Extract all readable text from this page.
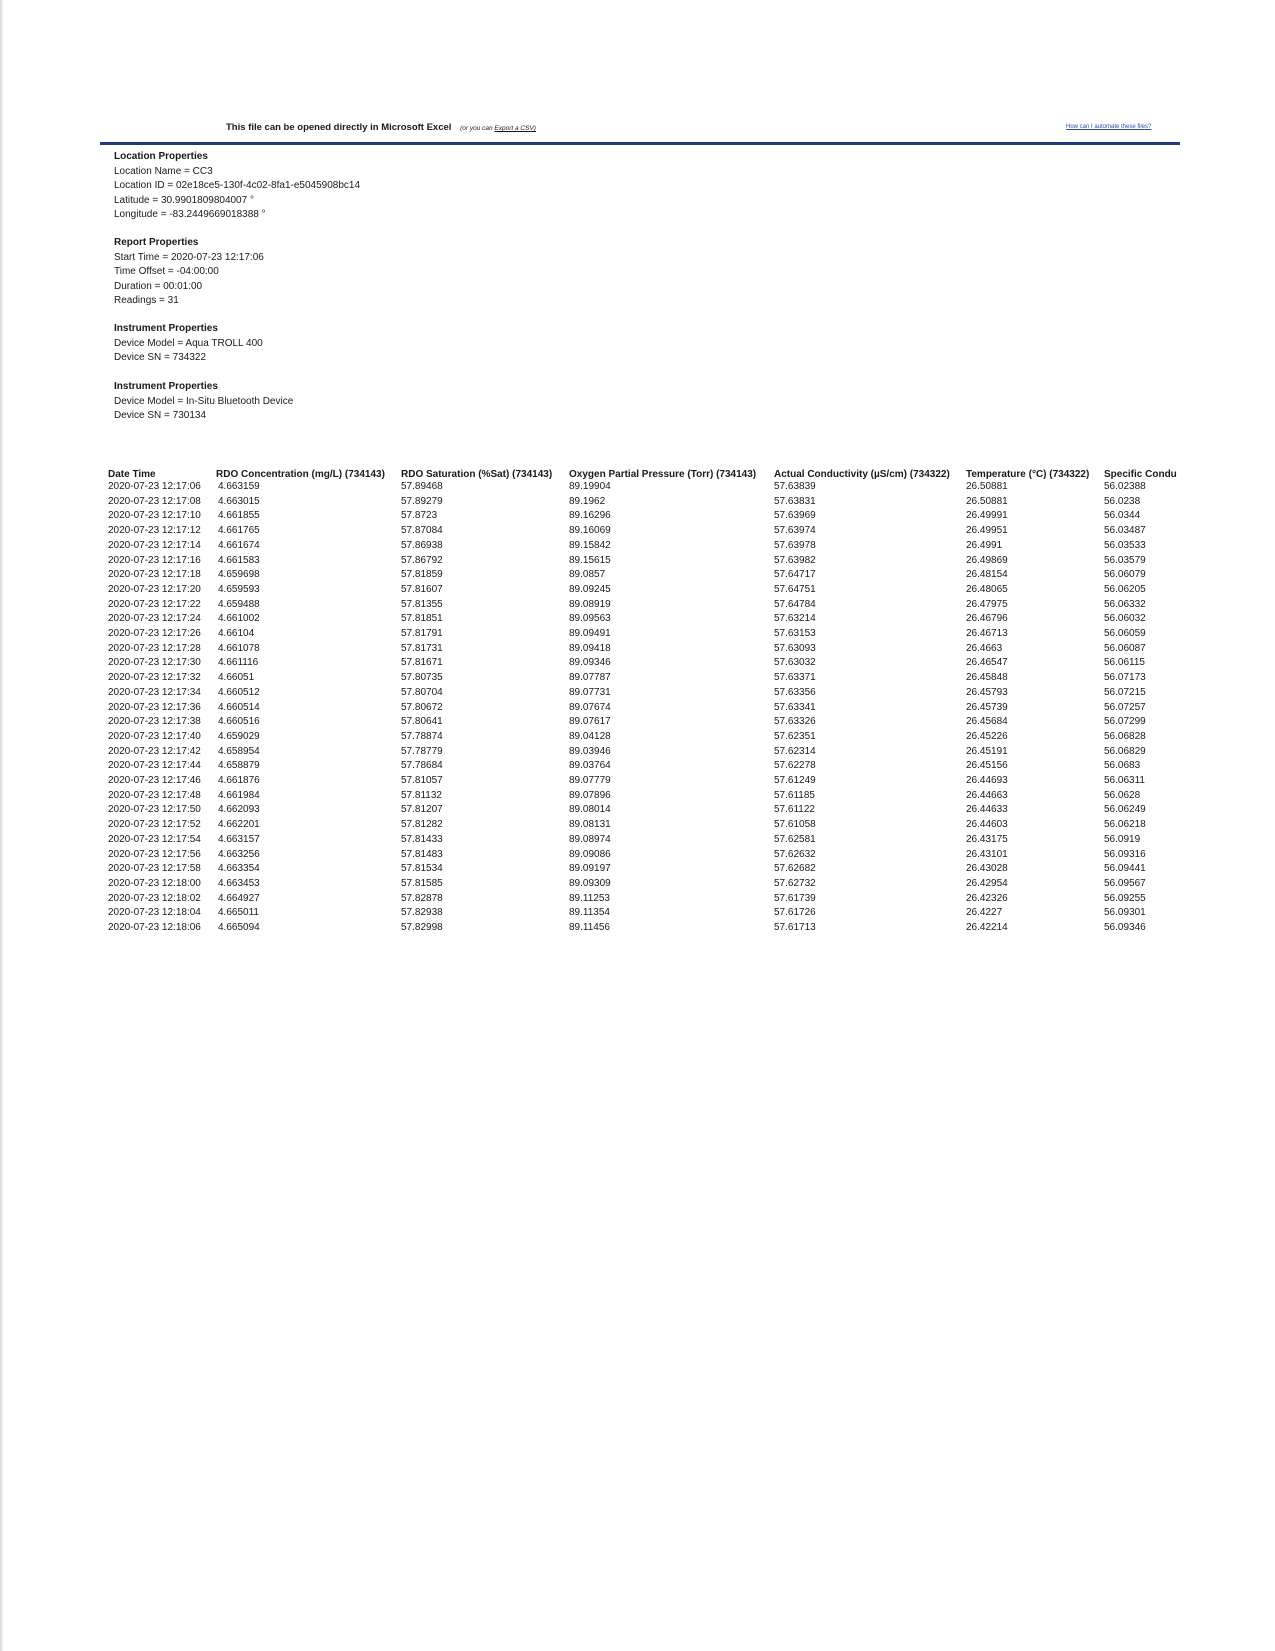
This file can be opened directly in Microsoft Excel (or you can Export a CSV)	How can I automate these files?
Location Properties
Location Name = CC3
Location ID = 02e18ce5-130f-4c02-8fa1-e5045908bc14
Latitude = 30.9901809804007 °
Longitude = -83.2449669018388 °
Report Properties
Start Time = 2020-07-23 12:17:06
Time Offset = -04:00:00
Duration = 00:01:00
Readings = 31
Instrument Properties
Device Model = Aqua TROLL 400
Device SN = 734322
Instrument Properties
Device Model = In-Situ Bluetooth Device
Device SN = 730134
Date Time	RDO Concentration (mg/L) (734143)	RDO Saturation (%Sat) (734143)	Oxygen Partial Pressure (Torr) (734143)	Actual Conductivity (µS/cm) (734322)	Temperature (°C) (734322)	Specific Condu
2020-07-23 12:17:06	4.663159	57.89468	89.19904	57.63839	26.50881	56.02388
2020-07-23 12:17:08	4.663015	57.89279	89.1962	57.63831	26.50881	56.0238
2020-07-23 12:17:10	4.661855	57.8723	89.16296	57.63969	26.49991	56.0344
2020-07-23 12:17:12	4.661765	57.87084	89.16069	57.63974	26.49951	56.03487
2020-07-23 12:17:14	4.661674	57.86938	89.15842	57.63978	26.4991	56.03533
2020-07-23 12:17:16	4.661583	57.86792	89.15615	57.63982	26.49869	56.03579
2020-07-23 12:17:18	4.659698	57.81859	89.0857	57.64717	26.48154	56.06079
2020-07-23 12:17:20	4.659593	57.81607	89.09245	57.64751	26.48065	56.06205
2020-07-23 12:17:22	4.659488	57.81355	89.08919	57.64784	26.47975	56.06332
2020-07-23 12:17:24	4.661002	57.81851	89.09563	57.63214	26.46796	56.06032
2020-07-23 12:17:26	4.66104	57.81791	89.09491	57.63153	26.46713	56.06059
2020-07-23 12:17:28	4.661078	57.81731	89.09418	57.63093	26.4663	56.06087
2020-07-23 12:17:30	4.661116	57.81671	89.09346	57.63032	26.46547	56.06115
2020-07-23 12:17:32	4.66051	57.80735	89.07787	57.63371	26.45848	56.07173
2020-07-23 12:17:34	4.660512	57.80704	89.07731	57.63356	26.45793	56.07215
2020-07-23 12:17:36	4.660514	57.80672	89.07674	57.63341	26.45739	56.07257
2020-07-23 12:17:38	4.660516	57.80641	89.07617	57.63326	26.45684	56.07299
2020-07-23 12:17:40	4.659029	57.78874	89.04128	57.62351	26.45226	56.06828
2020-07-23 12:17:42	4.658954	57.78779	89.03946	57.62314	26.45191	56.06829
2020-07-23 12:17:44	4.658879	57.78684	89.03764	57.62278	26.45156	56.0683
2020-07-23 12:17:46	4.661876	57.81057	89.07779	57.61249	26.44693	56.06311
2020-07-23 12:17:48	4.661984	57.81132	89.07896	57.61185	26.44663	56.0628
2020-07-23 12:17:50	4.662093	57.81207	89.08014	57.61122	26.44633	56.06249
2020-07-23 12:17:52	4.662201	57.81282	89.08131	57.61058	26.44603	56.06218
2020-07-23 12:17:54	4.663157	57.81433	89.08974	57.62581	26.43175	56.0919
2020-07-23 12:17:56	4.663256	57.81483	89.09086	57.62632	26.43101	56.09316
2020-07-23 12:17:58	4.663354	57.81534	89.09197	57.62682	26.43028	56.09441
2020-07-23 12:18:00	4.663453	57.81585	89.09309	57.62732	26.42954	56.09567
2020-07-23 12:18:02	4.664927	57.82878	89.11253	57.61739	26.42326	56.09255
2020-07-23 12:18:04	4.665011	57.82938	89.11354	57.61726	26.4227	56.09301
2020-07-23 12:18:06	4.665094	57.82998	89.11456	57.61713	26.42214	56.09346
